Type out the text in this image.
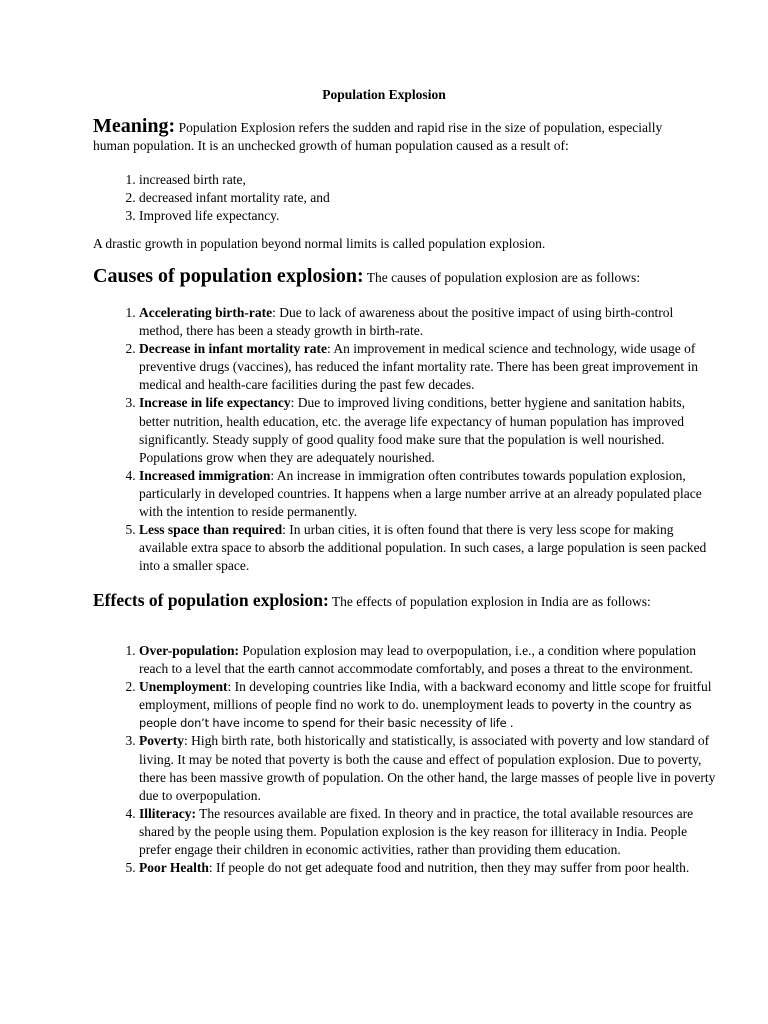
Population Explosion

Meaning: Population Explosion refers the sudden and rapid rise in the size of population, especially human population. It is an unchecked growth of human population caused as a result of:

1. increased birth rate,
2. decreased infant mortality rate, and
3. Improved life expectancy.

A drastic growth in population beyond normal limits is called population explosion.

Causes of population explosion: The causes of population explosion are as follows:

1. Accelerating birth-rate: Due to lack of awareness about the positive impact of using birth-control method, there has been a steady growth in birth-rate.
2. Decrease in infant mortality rate: An improvement in medical science and technology, wide usage of preventive drugs (vaccines), has reduced the infant mortality rate. There has been great improvement in medical and health-care facilities during the past few decades.
3. Increase in life expectancy: Due to improved living conditions, better hygiene and sanitation habits, better nutrition, health education, etc. the average life expectancy of human population has improved significantly. Steady supply of good quality food make sure that the population is well nourished. Populations grow when they are adequately nourished.
4. Increased immigration: An increase in immigration often contributes towards population explosion, particularly in developed countries. It happens when a large number arrive at an already populated place with the intention to reside permanently.
5. Less space than required: In urban cities, it is often found that there is very less scope for making available extra space to absorb the additional population. In such cases, a large population is seen packed into a smaller space.

Effects of population explosion: The effects of population explosion in India are as follows:

1. Over-population: Population explosion may lead to overpopulation, i.e., a condition where population reach to a level that the earth cannot accommodate comfortably, and poses a threat to the environment.
2. Unemployment: In developing countries like India, with a backward economy and little scope for fruitful employment, millions of people find no work to do. unemployment leads to poverty in the country as people don’t have income to spend for their basic necessity of life .
3. Poverty: High birth rate, both historically and statistically, is associated with poverty and low standard of living. It may be noted that poverty is both the cause and effect of population explosion. Due to poverty, there has been massive growth of population. On the other hand, the large masses of people live in poverty due to overpopulation.
4. Illiteracy: The resources available are fixed. In theory and in practice, the total available resources are shared by the people using them. Population explosion is the key reason for illiteracy in India. People prefer engage their children in economic activities, rather than providing them education.
5. Poor Health: If people do not get adequate food and nutrition, then they may suffer from poor health.
